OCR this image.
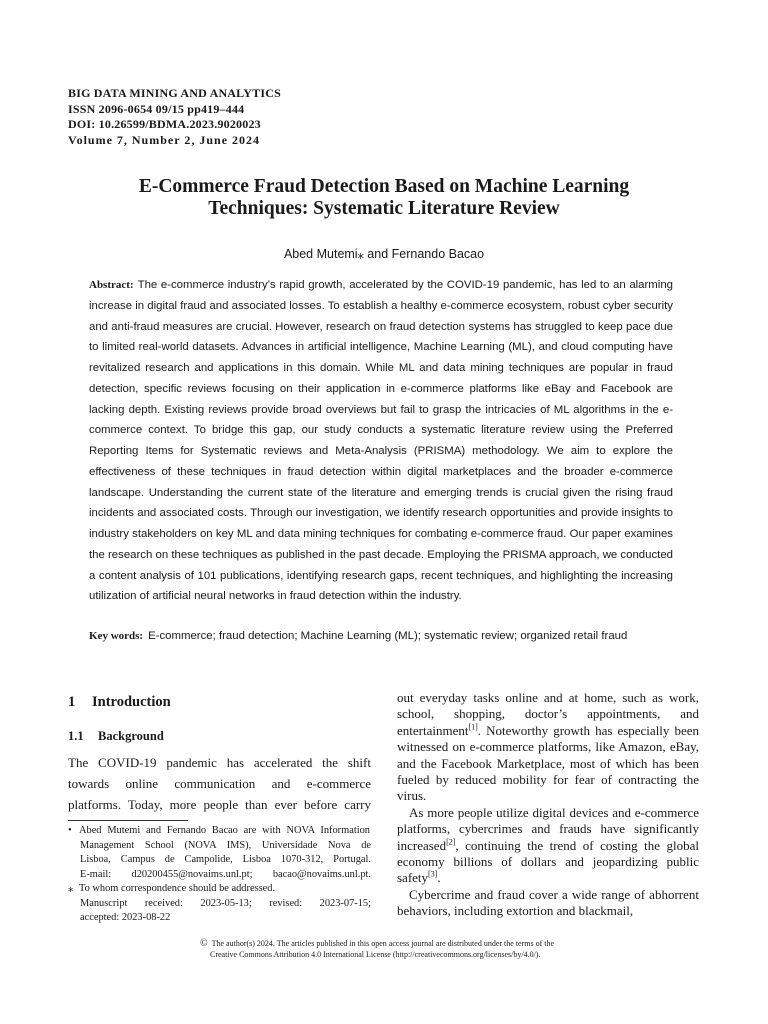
BIG DATA MINING AND ANALYTICS
ISSN 2096-0654 09/15 pp419–444
DOI: 10.26599/BDMA.2023.9020023
Volume 7, Number 2, June 2024
E-Commerce Fraud Detection Based on Machine Learning
Techniques: Systematic Literature Review
Abed Mutemi⁎ and Fernando Bacao
Abstract: The e-commerce industry’s rapid growth, accelerated by the COVID-19 pandemic, has led to an alarming increase in digital fraud and associated losses. To establish a healthy e-commerce ecosystem, robust cyber security and anti-fraud measures are crucial. However, research on fraud detection systems has struggled to keep pace due to limited real-world datasets. Advances in artificial intelligence, Machine Learning (ML), and cloud computing have revitalized research and applications in this domain. While ML and data mining techniques are popular in fraud detection, specific reviews focusing on their application in e-commerce platforms like eBay and Facebook are lacking depth. Existing reviews provide broad overviews but fail to grasp the intricacies of ML algorithms in the e-commerce context. To bridge this gap, our study conducts a systematic literature review using the Preferred Reporting Items for Systematic reviews and Meta-Analysis (PRISMA) methodology. We aim to explore the effectiveness of these techniques in fraud detection within digital marketplaces and the broader e-commerce landscape. Understanding the current state of the literature and emerging trends is crucial given the rising fraud incidents and associated costs. Through our investigation, we identify research opportunities and provide insights to industry stakeholders on key ML and data mining techniques for combating e-commerce fraud. Our paper examines the research on these techniques as published in the past decade. Employing the PRISMA approach, we conducted a content analysis of 101 publications, identifying research gaps, recent techniques, and highlighting the increasing utilization of artificial neural networks in fraud detection within the industry.
Key words: E-commerce; fraud detection; Machine Learning (ML); systematic review; organized retail fraud
1 Introduction
1.1 Background
The COVID-19 pandemic has accelerated the shift
towards online communication and e-commerce
platforms. Today, more people than ever before carry
• Abed Mutemi and Fernando Bacao are with NOVA Information
Management School (NOVA IMS), Universidade Nova de
Lisboa, Campus de Campolide, Lisboa 1070-312, Portugal.
E-mail: d20200455@novaims.unl.pt; bacao@novaims.unl.pt.
⁎ To whom correspondence should be addressed.
Manuscript received: 2023-05-13; revised: 2023-07-15;
accepted: 2023-08-22

out everyday tasks online and at home, such as work, school, shopping, doctor’s appointments, and entertainment[1]. Noteworthy growth has especially been witnessed on e-commerce platforms, like Amazon, eBay, and the Facebook Marketplace, most of which has been fueled by reduced mobility for fear of contracting the virus.

As more people utilize digital devices and e-commerce platforms, cybercrimes and frauds have significantly increased[2], continuing the trend of costing the global economy billions of dollars and jeopardizing public safety[3].

Cybercrime and fraud cover a wide range of abhorrent behaviors, including extortion and blackmail,

© The author(s) 2024. The articles published in this open access journal are distributed under the terms of the
Creative Commons Attribution 4.0 International License (http://creativecommons.org/licenses/by/4.0/).
